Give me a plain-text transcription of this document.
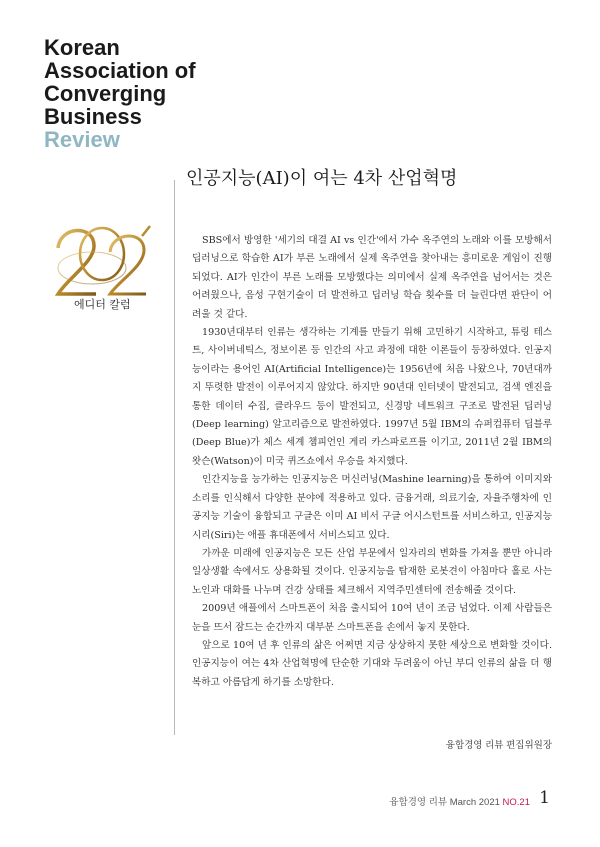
Korean
Association of
Converging
Business
Review
에디터 칼럼
인공지능(AI)이 여는 4차 산업혁명

SBS에서 방영한 '세기의 대결 AI vs 인간'에서 가수 옥주연의 노래와 이를 모방해서 딥러닝으로 학습한 AI가 부른 노래에서 실제 옥주연을 찾아내는 흥미로운 게임이 진행되었다. AI가 인간이 부른 노래를 모방했다는 의미에서 실제 옥주연을 넘어서는 것은 어려웠으나, 음성 구현기술이 더 발전하고 딥러닝 학습 횟수를 더 늘린다면 판단이 어려울 것 같다.

1930년대부터 인류는 생각하는 기계를 만들기 위해 고민하기 시작하고, 튜링 테스트, 사이버네틱스, 정보이론 등 인간의 사고 과정에 대한 이론들이 등장하였다. 인공지능이라는 용어인 AI(Artificial Intelligence)는 1956년에 처음 나왔으나, 70년대까지 뚜렷한 발전이 이루어지지 않았다. 하지만 90년대 인터넷이 발전되고, 검색 엔진을 통한 데이터 수집, 클라우드 등이 발전되고, 신경망 네트워크 구조로 발전된 딥러닝(Deep learning) 알고리즘으로 발전하였다. 1997년 5월 IBM의 슈퍼컴퓨터 딥블루(Deep Blue)가 체스 세계 챔피언인 게리 카스파로프를 이기고, 2011년 2월 IBM의 왓슨(Watson)이 미국 퀴즈쇼에서 우승을 차지했다.

인간지능을 능가하는 인공지능은 머신러닝(Mashine learning)을 통하여 이미지와 소리를 인식해서 다양한 분야에 적용하고 있다. 금융거래, 의료기술, 자율주행차에 인공지능 기술이 융합되고 구글은 이미 AI 비서 구글 어시스턴트를 서비스하고, 인공지능 시리(Siri)는 애플 휴대폰에서 서비스되고 있다.

가까운 미래에 인공지능은 모든 산업 부문에서 일자리의 변화를 가져올 뿐만 아니라 일상생활 속에서도 상용화될 것이다. 인공지능을 탑재한 로봇견이 아침마다 홀로 사는 노인과 대화를 나누며 건강 상태를 체크해서 지역주민센터에 전송해줄 것이다.

2009년 애플에서 스마트폰이 처음 출시되어 10여 년이 조금 넘었다. 이제 사람들은 눈을 뜨서 잠드는 순간까지 대부분 스마트폰을 손에서 놓지 못한다.

앞으로 10여 년 후 인류의 삶은 어쩌면 지금 상상하지 못한 세상으로 변화할 것이다. 인공지능이 여는 4차 산업혁명에 단순한 기대와 두려움이 아닌 부디 인류의 삶을 더 행복하고 아름답게 하기를 소망한다.

융합경영 리뷰 편집위원장
융합경영 리뷰 March 2021 NO.21 1
